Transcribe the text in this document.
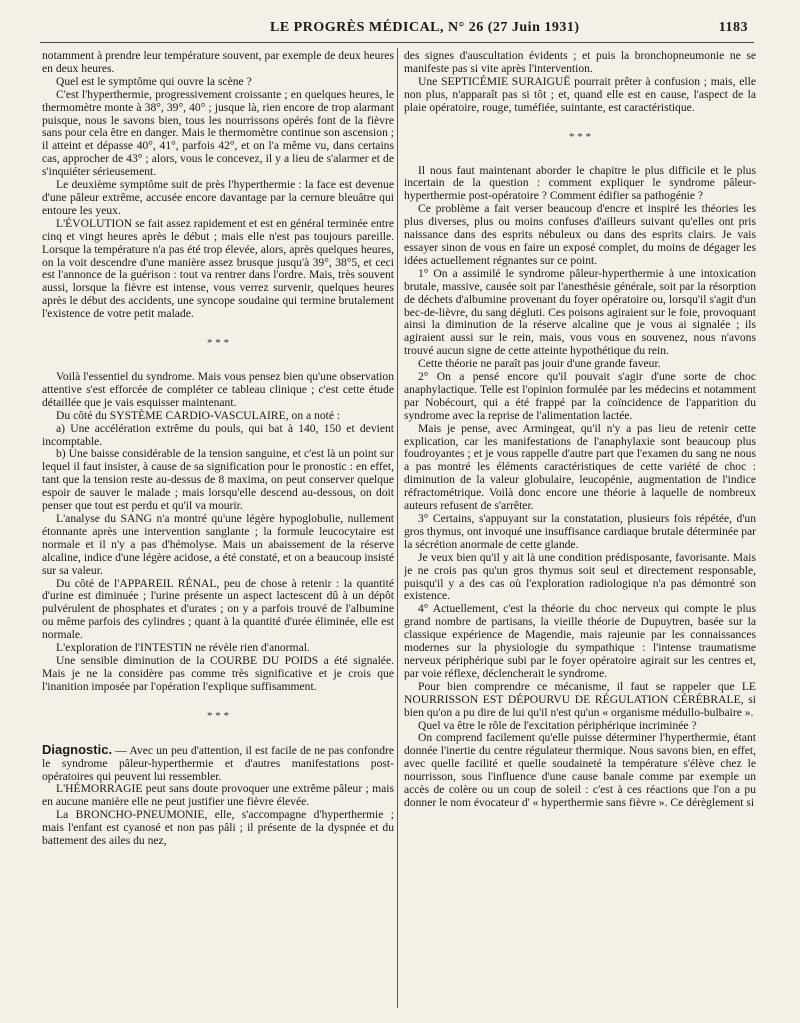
LE PROGRÈS MÉDICAL, N° 26 (27 Juin 1931)	1183

notamment à prendre leur température souvent, par exemple de deux heures en deux heures.

Quel est le symptôme qui ouvre la scène ?

C'est l'hyperthermie, progressivement croissante ; en quelques heures, le thermomètre monte à 38°, 39°, 40° ; jusque là, rien encore de trop alarmant puisque, nous le savons bien, tous les nourrissons opérés font de la fièvre sans pour cela être en danger. Mais le thermomètre continue son ascension ; il atteint et dépasse 40°, 41°, parfois 42°, et on l'a même vu, dans certains cas, approcher de 43° ; alors, vous le concevez, il y a lieu de s'alarmer et de s'inquiéter sérieusement.

Le deuxième symptôme suit de près l'hyperthermie : la face est devenue d'une pâleur extrême, accusée encore davantage par la cernure bleuâtre qui entoure les yeux.

L'ÉVOLUTION se fait assez rapidement et est en général terminée entre cinq et vingt heures après le début ; mais elle n'est pas toujours pareille. Lorsque la température n'a pas été trop élevée, alors, après quelques heures, on la voit descendre d'une manière assez brusque jusqu'à 39°, 38°5, et ceci est l'annonce de la guérison : tout va rentrer dans l'ordre. Mais, très souvent aussi, lorsque la fièvre est intense, vous verrez survenir, quelques heures après le début des accidents, une syncope soudaine qui termine brutalement l'existence de votre petit malade.

* * *

Voilà l'essentiel du syndrome. Mais vous pensez bien qu'une observation attentive s'est efforcée de compléter ce tableau clinique ; c'est cette étude détaillée que je vais esquisser maintenant.

Du côté du SYSTÈME CARDIO-VASCULAIRE, on a noté :

a) Une accélération extrême du pouls, qui bat à 140, 150 et devient incomptable.

b) Une baisse considérable de la tension sanguine, et c'est là un point sur lequel il faut insister, à cause de sa signification pour le pronostic : en effet, tant que la tension reste au-dessus de 8 maxima, on peut conserver quelque espoir de sauver le malade ; mais lorsqu'elle descend au-dessous, on doit penser que tout est perdu et qu'il va mourir.

L'analyse du SANG n'a montré qu'une légère hypoglobulie, nullement étonnante après une intervention sanglante ; la formule leucocytaire est normale et il n'y a pas d'hémolyse. Mais un abaissement de la réserve alcaline, indice d'une légère acidose, a été constaté, et on a beaucoup insisté sur sa valeur.

Du côté de l'APPAREIL RÉNAL, peu de chose à retenir : la quantité d'urine est diminuée ; l'urine présente un aspect lactescent dû à un dépôt pulvérulent de phosphates et d'urates ; on y a parfois trouvé de l'albumine ou même parfois des cylindres ; quant à la quantité d'urée éliminée, elle est normale.

L'exploration de l'INTESTIN ne révèle rien d'anormal.

Une sensible diminution de la COURBE DU POIDS a été signalée. Mais je ne la considère pas comme très significative et je crois que l'inanition imposée par l'opération l'explique suffisamment.

* * *

Diagnostic. — Avec un peu d'attention, il est facile de ne pas confondre le syndrome pâleur-hyperthermie et d'autres manifestations post-opératoires qui peuvent lui ressembler.

L'HÉMORRAGIE peut sans doute provoquer une extrême pâleur ; mais en aucune manière elle ne peut justifier une fièvre élevée.

La BRONCHO-PNEUMONIE, elle, s'accompagne d'hyperthermie ; mais l'enfant est cyanosé et non pas pâli ; il présente de la dyspnée et du battement des ailes du nez,

des signes d'auscultation évidents ; et puis la bronchopneumonie ne se manifeste pas si vite après l'intervention.

Une SEPTICÉMIE SURAIGUË pourrait prêter à confusion ; mais, elle non plus, n'apparaît pas si tôt ; et, quand elle est en cause, l'aspect de la plaie opératoire, rouge, tuméfiée, suintante, est caractéristique.

* * *

Il nous faut maintenant aborder le chapitre le plus difficile et le plus incertain de la question : comment expliquer le syndrome pâleur-hyperthermie post-opératoire ? Comment édifier sa pathogénie ?

Ce problème a fait verser beaucoup d'encre et inspiré les théories les plus diverses, plus ou moins confuses d'ailleurs suivant qu'elles ont pris naissance dans des esprits nébuleux ou dans des esprits clairs. Je vais essayer sinon de vous en faire un exposé complet, du moins de dégager les idées actuellement régnantes sur ce point.

1° On a assimilé le syndrome pâleur-hyperthermie à une intoxication brutale, massive, causée soit par l'anesthésie générale, soit par la résorption de déchets d'albumine provenant du foyer opératoire ou, lorsqu'il s'agit d'un bec-de-lièvre, du sang dégluti. Ces poisons agiraient sur le foie, provoquant ainsi la diminution de la réserve alcaline que je vous ai signalée ; ils agiraient aussi sur le rein, mais, vous vous en souvenez, nous n'avons trouvé aucun signe de cette atteinte hypothétique du rein.

Cette théorie ne paraît pas jouir d'une grande faveur.

2° On a pensé encore qu'il pouvait s'agir d'une sorte de choc anaphylactique. Telle est l'opinion formulée par les médecins et notamment par Nobécourt, qui a été frappé par la coïncidence de l'apparition du syndrome avec la reprise de l'alimentation lactée.

Mais je pense, avec Armingeat, qu'il n'y a pas lieu de retenir cette explication, car les manifestations de l'anaphylaxie sont beaucoup plus foudroyantes ; et je vous rappelle d'autre part que l'examen du sang ne nous a pas montré les éléments caractéristiques de cette variété de choc : diminution de la valeur globulaire, leucopénie, augmentation de l'indice réfractométrique. Voilà donc encore une théorie à laquelle de nombreux auteurs refusent de s'arrêter.

3° Certains, s'appuyant sur la constatation, plusieurs fois répétée, d'un gros thymus, ont invoqué une insuffisance cardiaque brutale déterminée par la sécrétion anormale de cette glande.

Je veux bien qu'il y ait là une condition prédisposante, favorisante. Mais je ne crois pas qu'un gros thymus soit seul et directement responsable, puisqu'il y a des cas où l'exploration radiologique n'a pas démontré son existence.

4° Actuellement, c'est la théorie du choc nerveux qui compte le plus grand nombre de partisans, la vieille théorie de Dupuytren, basée sur la classique expérience de Magendie, mais rajeunie par les connaissances modernes sur la physiologie du sympathique : l'intense traumatisme nerveux périphérique subi par le foyer opératoire agirait sur les centres et, par voie réflexe, déclencherait le syndrome.

Pour bien comprendre ce mécanisme, il faut se rappeler que LE NOURRISSON EST DÉPOURVU DE RÉGULATION CÉRÉBRALE, si bien qu'on a pu dire de lui qu'il n'est qu'un « organisme médullo-bulbaire ».

Quel va être le rôle de l'excitation périphérique incriminée ?

On comprend facilement qu'elle puisse déterminer l'hyperthermie, étant donnée l'inertie du centre régulateur thermique. Nous savons bien, en effet, avec quelle facilité et quelle soudaineté la température s'élève chez le nourrisson, sous l'influence d'une cause banale comme par exemple un accès de colère ou un coup de soleil : c'est à ces réactions que l'on a pu donner le nom évocateur d' « hyperthermie sans fièvre ». Ce dérèglement si
